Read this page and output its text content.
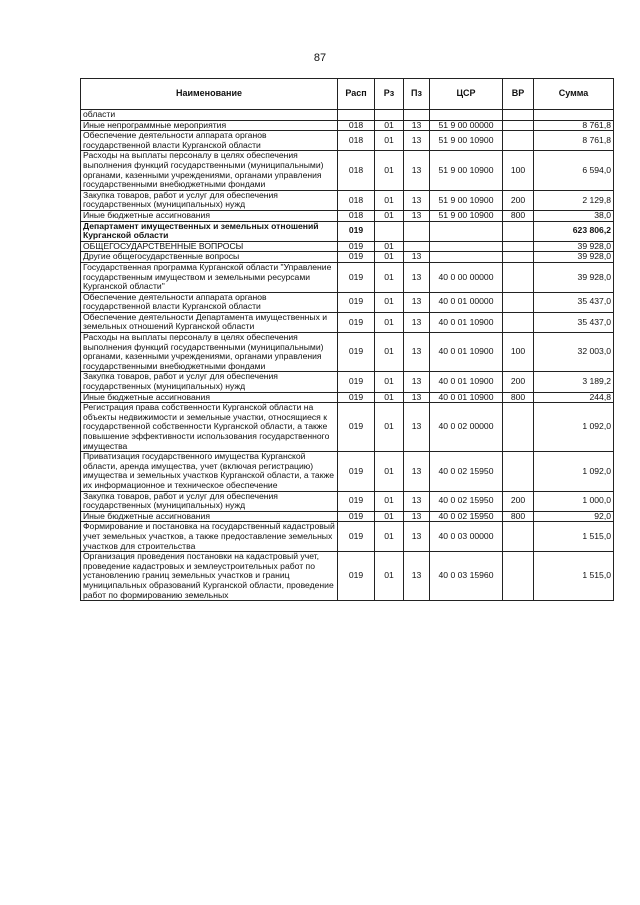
87
Наименование	Расп	Рз	Пз	ЦСР	ВР	Сумма
области						
Иные непрограммные мероприятия	018	01	13	51 9 00 00000		8 761,8
Обеспечение деятельности аппарата органов государственной власти Курганской области	018	01	13	51 9 00 10900		8 761,8
Расходы на выплаты персоналу в целях обеспечения выполнения функций государственными (муниципальными) органами, казенными учреждениями, органами управления государственными внебюджетными фондами	018	01	13	51 9 00 10900	100	6 594,0
Закупка товаров, работ и услуг для обеспечения государственных (муниципальных) нужд	018	01	13	51 9 00 10900	200	2 129,8
Иные бюджетные ассигнования	018	01	13	51 9 00 10900	800	38,0
Департамент имущественных и земельных отношений Курганской области	019					623 806,2
ОБЩЕГОСУДАРСТВЕННЫЕ ВОПРОСЫ	019	01				39 928,0
Другие общегосударственные вопросы	019	01	13			39 928,0
Государственная программа Курганской области "Управление государственным имуществом и земельными ресурсами Курганской области"	019	01	13	40 0 00 00000		39 928,0
Обеспечение деятельности аппарата органов государственной власти Курганской области	019	01	13	40 0 01 00000		35 437,0
Обеспечение деятельности Департамента имущественных и земельных отношений Курганской области	019	01	13	40 0 01 10900		35 437,0
Расходы на выплаты персоналу в целях обеспечения выполнения функций государственными (муниципальными) органами, казенными учреждениями, органами управления государственными внебюджетными фондами	019	01	13	40 0 01 10900	100	32 003,0
Закупка товаров, работ и услуг для обеспечения государственных (муниципальных) нужд	019	01	13	40 0 01 10900	200	3 189,2
Иные бюджетные ассигнования	019	01	13	40 0 01 10900	800	244,8
Регистрация права собственности Курганской области на объекты недвижимости и земельные участки, относящиеся к государственной собственности Курганской области, а также повышение эффективности использования государственного имущества	019	01	13	40 0 02 00000		1 092,0
Приватизация государственного имущества Курганской области, аренда имущества, учет (включая регистрацию) имущества и земельных участков Курганской области, а также их информационное и техническое обеспечение	019	01	13	40 0 02 15950		1 092,0
Закупка товаров, работ и услуг для обеспечения государственных (муниципальных) нужд	019	01	13	40 0 02 15950	200	1 000,0
Иные бюджетные ассигнования	019	01	13	40 0 02 15950	800	92,0
Формирование и постановка на государственный кадастровый учет земельных участков, а также предоставление земельных участков для строительства	019	01	13	40 0 03 00000		1 515,0
Организация проведения постановки на кадастровый учет, проведение кадастровых и землеустроительных работ по установлению границ земельных участков и границ муниципальных образований Курганской области, проведение работ по формированию земельных	019	01	13	40 0 03 15960		1 515,0
